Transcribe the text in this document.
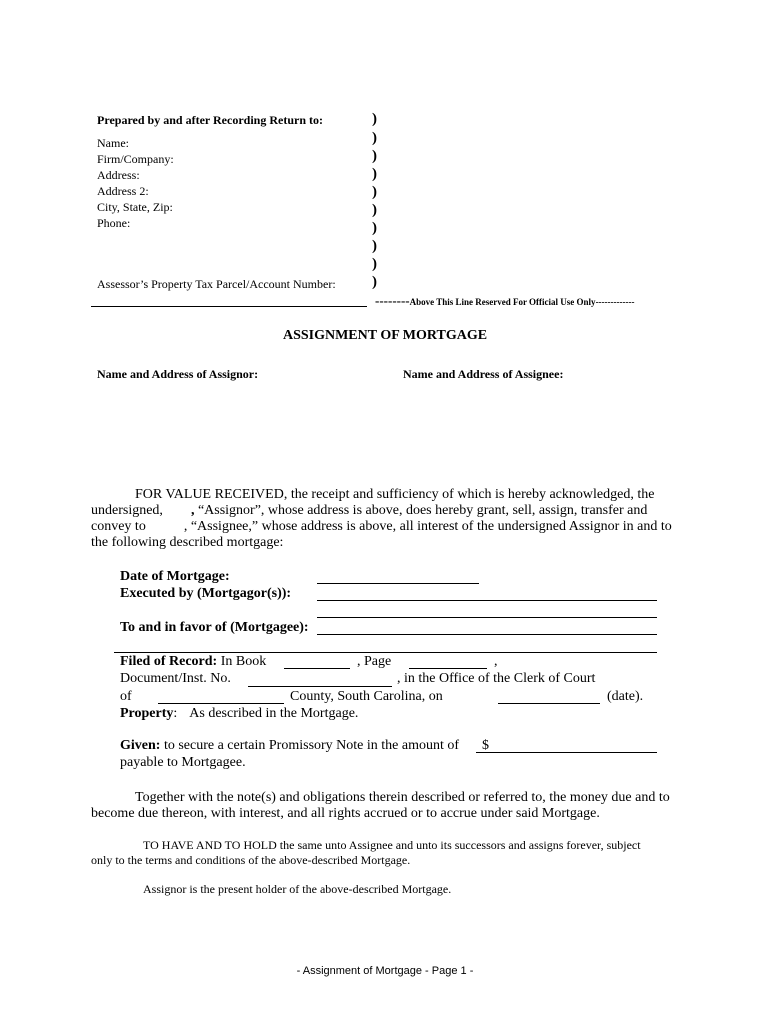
Prepared by and after Recording Return to:
Name:
Firm/Company:
Address:
Address 2:
City, State, Zip:
Phone:
Assessor’s Property Tax Parcel/Account Number:
)
)
)
)
)
)
)
)
)
)
--------Above This Line Reserved For Official Use Only-------------
ASSIGNMENT OF MORTGAGE
Name and Address of Assignor:	Name and Address of Assignee:
FOR VALUE RECEIVED, the receipt and sufficiency of which is hereby acknowledged, the
undersigned, , “Assignor”, whose address is above, does hereby grant, sell, assign, transfer and
convey to	, “Assignee,” whose address is above, all interest of the undersigned Assignor in and to
the following described mortgage:
Date of Mortgage:
Executed by (Mortgagor(s)):
To and in favor of (Mortgagee):
Filed of Record: In Book	, Page	,
Document/Inst. No.	, in the Office of the Clerk of Court
of	County, South Carolina, on	(date).
Property: As described in the Mortgage.
Given: to secure a certain Promissory Note in the amount of $
payable to Mortgagee.
Together with the note(s) and obligations therein described or referred to, the money due and to
become due thereon, with interest, and all rights accrued or to accrue under said Mortgage.
TO HAVE AND TO HOLD the same unto Assignee and unto its successors and assigns forever, subject
only to the terms and conditions of the above-described Mortgage.
Assignor is the present holder of the above-described Mortgage.
- Assignment of Mortgage - Page 1 -
